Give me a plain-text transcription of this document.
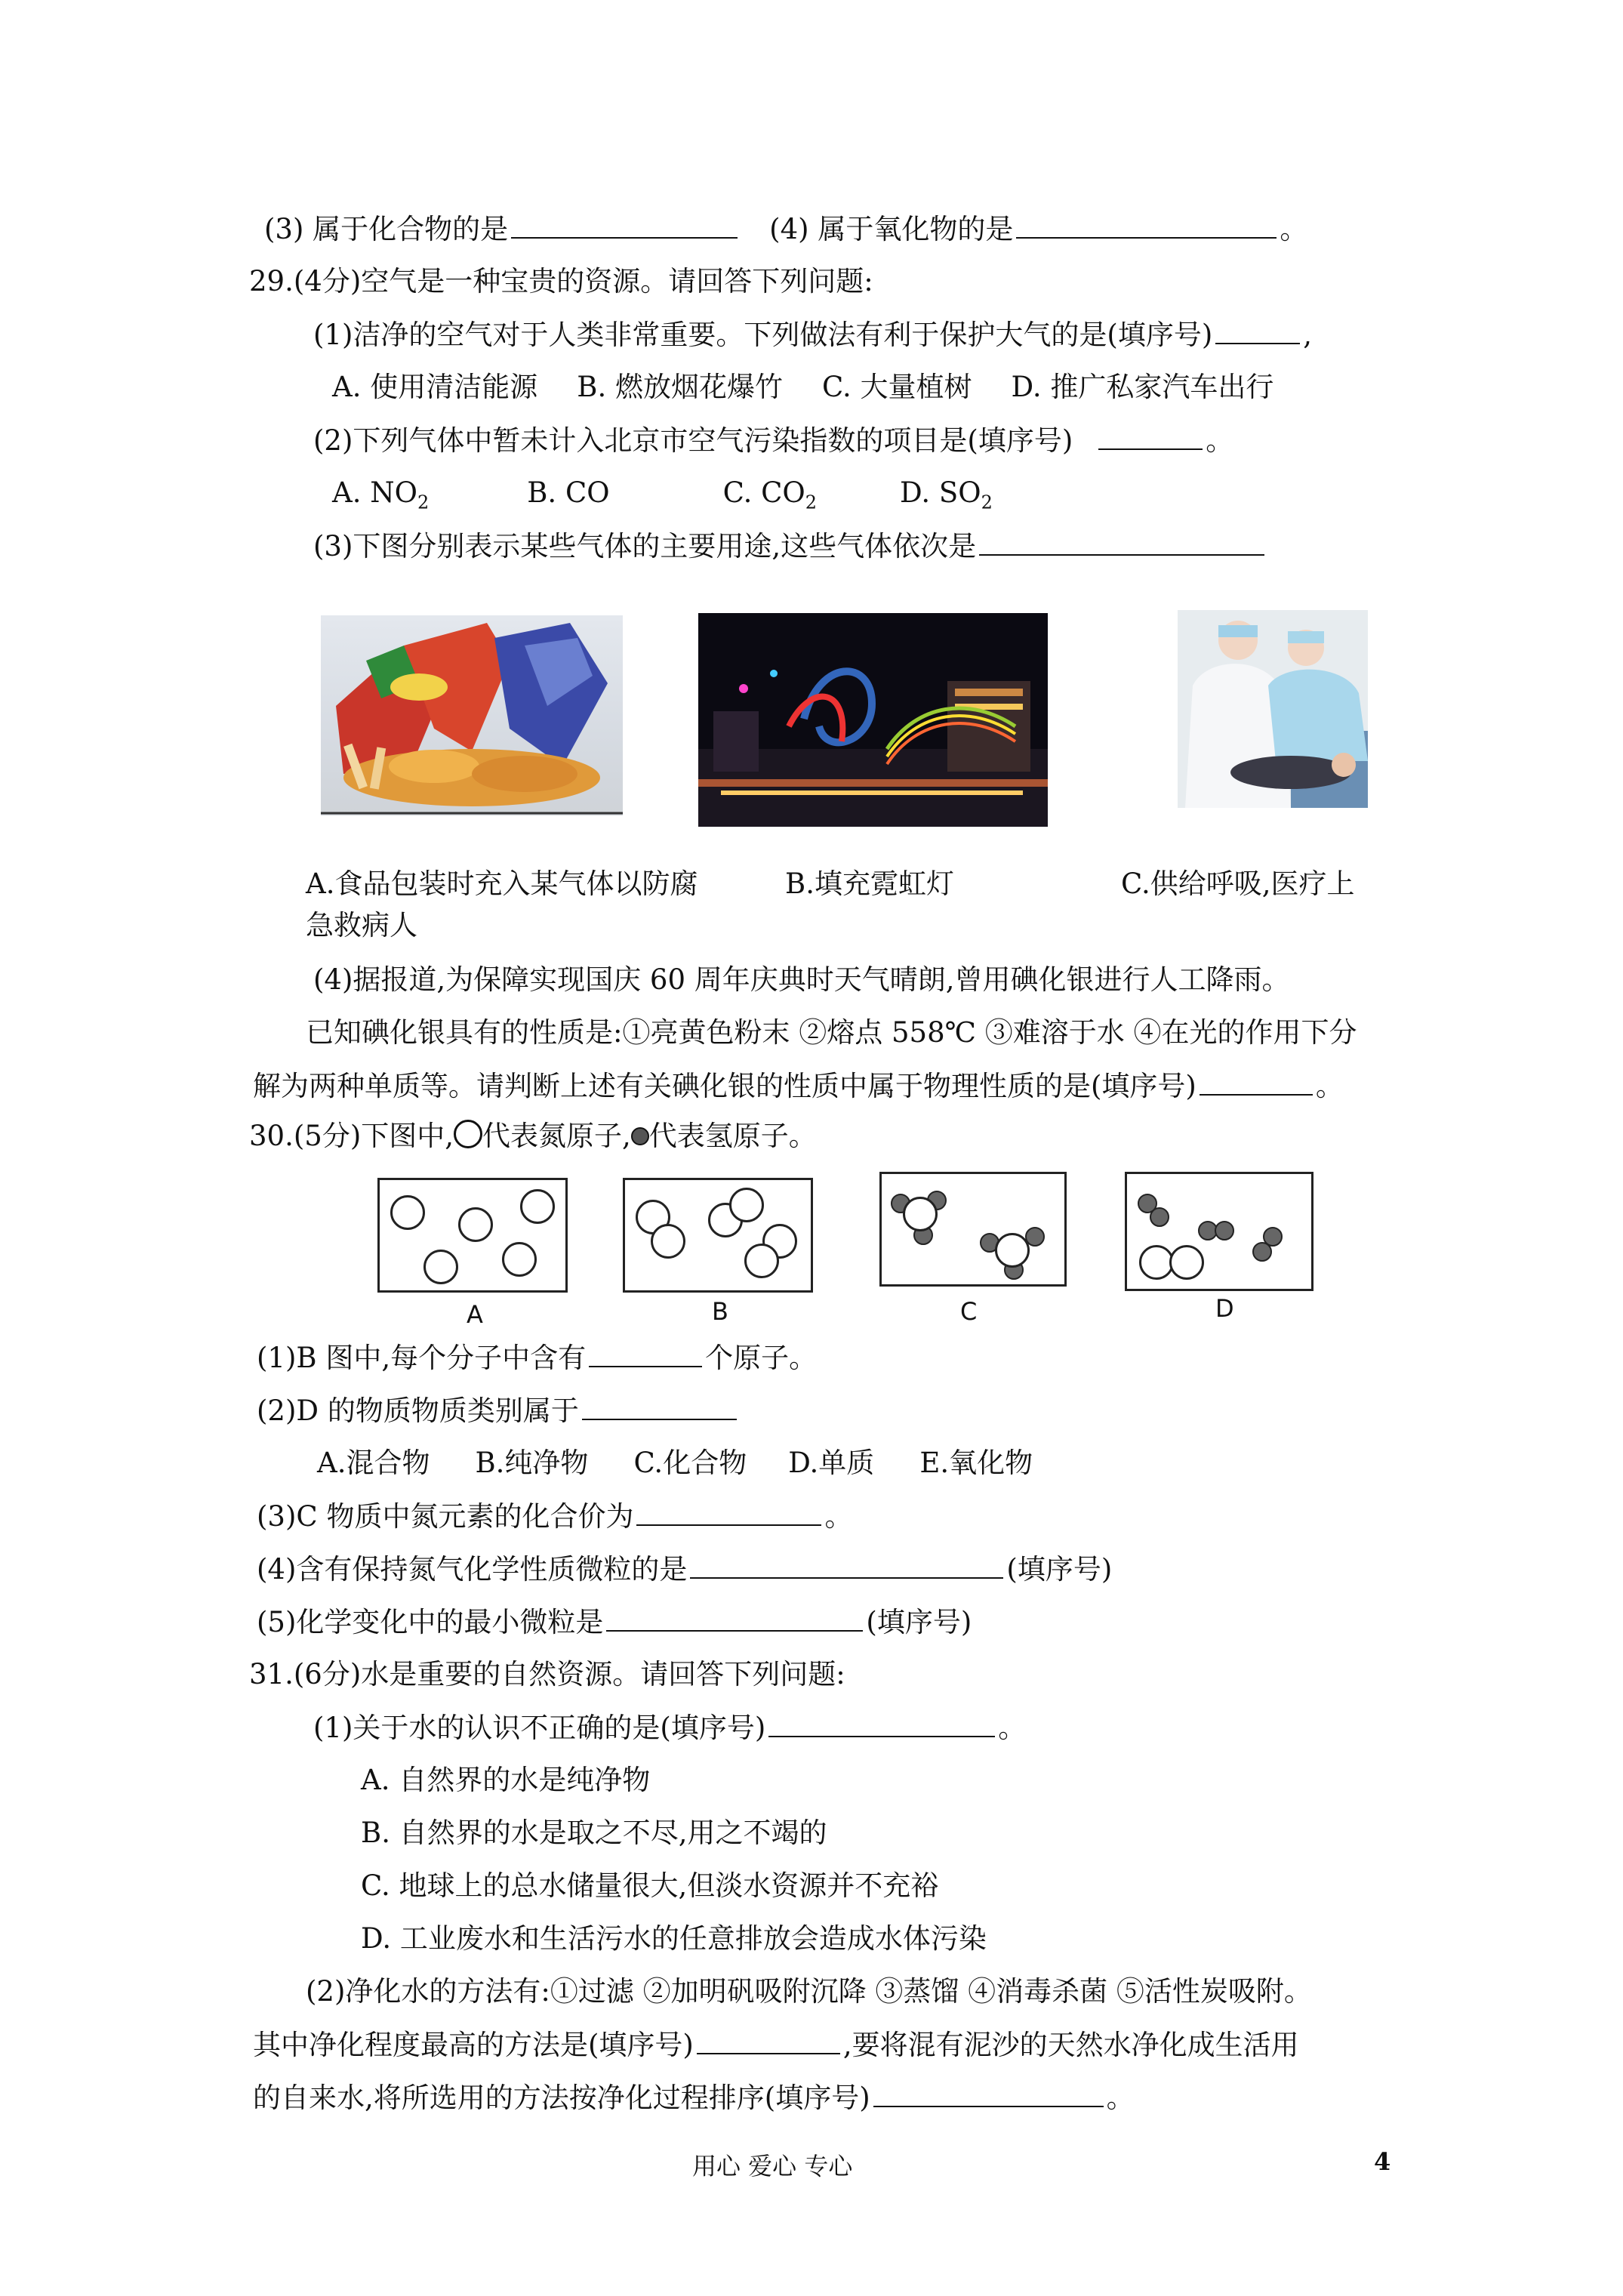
(3) 属于化合物的是	(4) 属于氧化物的是	。
29.(4分)空气是一种宝贵的资源。请回答下列问题:
(1)洁净的空气对于人类非常重要。下列做法有利于保护大气的是(填序号)	,
A. 使用清洁能源 B. 燃放烟花爆竹 C. 大量植树 D. 推广私家汽车出行
(2)下列气体中暂未计入北京市空气污染指数的项目是(填序号)	。
A. $NO_2$	B. CO	C. $CO_2$	D. $SO_2$
(3)下图分别表示某些气体的主要用途,这些气体依次是
A.食品包装时充入某气体以防腐	B.填充霓虹灯	C.供给呼吸,医疗上
急救病人
(4)据报道,为保障实现国庆 60 周年庆典时天气晴朗,曾用碘化银进行人工降雨。
已知碘化银具有的性质是:①亮黄色粉末 ②熔点 558℃ ③难溶于水 ④在光的作用下分
解为两种单质等。请判断上述有关碘化银的性质中属于物理性质的是(填序号)	。
30.(5分)下图中, 代表氮原子, 代表氢原子。
A	B	C	D
(1)B 图中,每个分子中含有	个原子。
(2)D 的物质物质类别属于
A.混合物 B.纯净物 C.化合物 D.单质 E.氧化物
(3)C 物质中氮元素的化合价为	。
(4)含有保持氮气化学性质微粒的是	(填序号)
(5)化学变化中的最小微粒是	(填序号)
31.(6分)水是重要的自然资源。请回答下列问题:
(1)关于水的认识不正确的是(填序号)	。
A. 自然界的水是纯净物
B. 自然界的水是取之不尽,用之不竭的
C. 地球上的总水储量很大,但淡水资源并不充裕
D. 工业废水和生活污水的任意排放会造成水体污染
(2)净化水的方法有:①过滤 ②加明矾吸附沉降 ③蒸馏 ④消毒杀菌 ⑤活性炭吸附。
其中净化程度最高的方法是(填序号)	,要将混有泥沙的天然水净化成生活用
的自来水,将所选用的方法按净化过程排序(填序号)	。
用心 爱心 专心	4
